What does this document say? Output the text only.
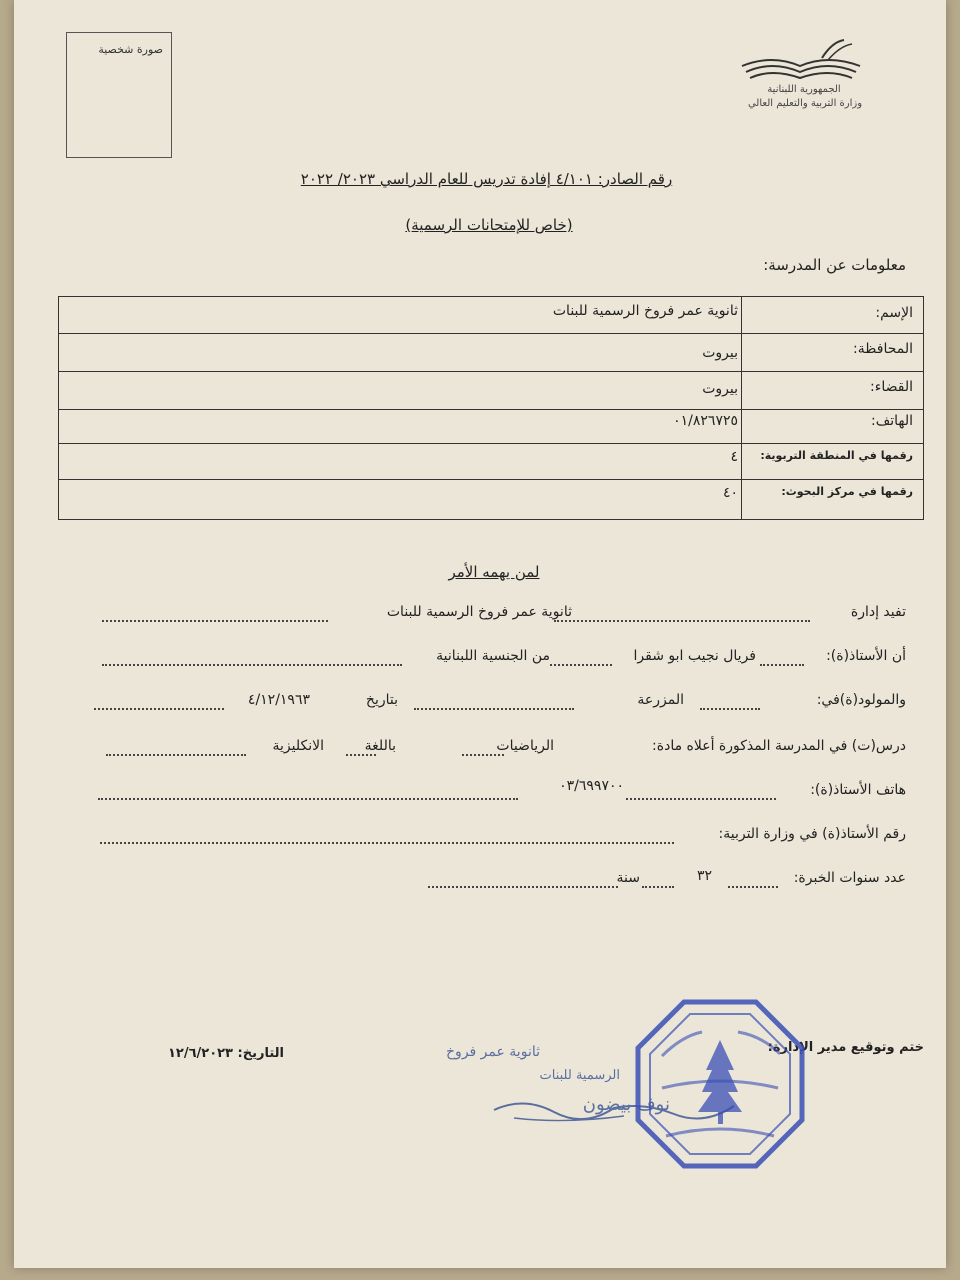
صورة شخصية
الجمهورية اللبنانية
وزارة التربية والتعليم العالي
رقم الصادر: ٤/١٠١ إفادة تدريس للعام الدراسي ٢٠٢٣/ ٢٠٢٢
(خاص للإمتحانات الرسمية)
معلومات عن المدرسة:
الإسم:
ثانوية عمر فروخ الرسمية للبنات
المحافظة:
بيروت
القضاء:
بيروت
الهاتف:
٠١/٨٢٦٧٢٥
رقمها في المنطقة التربوية:
٤
رقمها في مركز البحوث:
٤٠
لمن يهمه الأمر
تفيد إدارة
ثانوية عمر فروخ الرسمية للبنات
أن الأستاذ(ة):
فريال نجيب ابو شقرا
من الجنسية اللبنانية
والمولود(ة)في:
المزرعة
بتاريخ
٤/١٢/١٩٦٣
درس(ت) في المدرسة المذكورة أعلاه مادة:
الرياضيات
باللغة
الانكليزية
هاتف الأستاذ(ة):
٠٣/٦٩٩٧٠٠
رقم الأستاذ(ة) في وزارة التربية:
عدد سنوات الخبرة:
٣٢
سنة
التاريخ: ١٢/٦/٢٠٢٣	ختم وتوقيع مدير الإدارة:
ثانوية عمر فروخ
الرسمية للبنات
نوف بيضون
